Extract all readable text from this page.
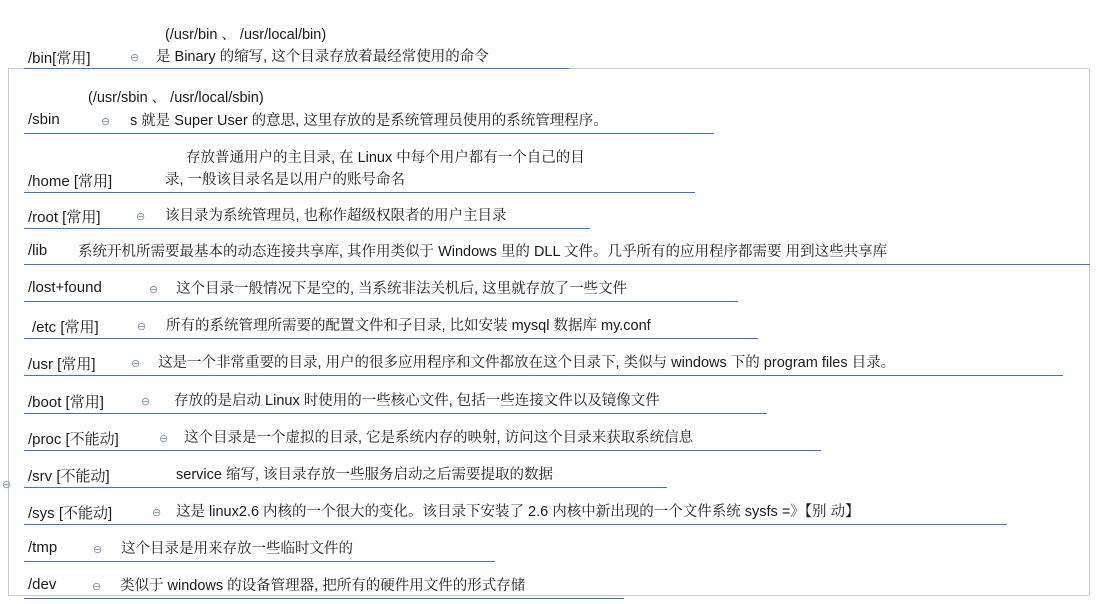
/bin[常用]	⊖
(/usr/bin 、 /usr/local/bin)
是 Binary 的缩写, 这个目录存放着最经常使用的命令
/sbin	⊖
(/usr/sbin 、 /usr/local/sbin)
s 就是 Super User 的意思, 这里存放的是系统管理员使用的系统管理程序。
/home [常用]
存放普通用户的主目录, 在 Linux 中每个用户都有一个自己的目
录, 一般该目录名是以用户的账号命名
/root [常用]	⊖ 该目录为系统管理员, 也称作超级权限者的用户主目录
/lib 系统开机所需要最基本的动态连接共享库, 其作用类似于 Windows 里的 DLL 文件。几乎所有的应用程序都需要 用到这些共享库
/lost+found	⊖ 这个目录一般情况下是空的, 当系统非法关机后, 这里就存放了一些文件
/etc [常用]	⊖ 所有的系统管理所需要的配置文件和子目录, 比如安装 mysql 数据库 my.conf
/usr [常用]	⊖ 这是一个非常重要的目录, 用户的很多应用程序和文件都放在这个目录下, 类似与 windows 下的 program files 目录。
/boot [常用]	⊖ 存放的是启动 Linux 时使用的一些核心文件, 包括一些连接文件以及镜像文件
/proc [不能动]	⊖ 这个目录是一个虚拟的目录, 它是系统内存的映射, 访问这个目录来获取系统信息
/srv [不能动]	service 缩写, 该目录存放一些服务启动之后需要提取的数据
⊖
/sys [不能动]	⊖ 这是 linux2.6 内核的一个很大的变化。该目录下安装了 2.6 内核中新出现的一个文件系统 sysfs =》【别 动】
/tmp	⊖ 这个目录是用来存放一些临时文件的
/dev	⊖ 类似于 windows 的设备管理器, 把所有的硬件用文件的形式存储
